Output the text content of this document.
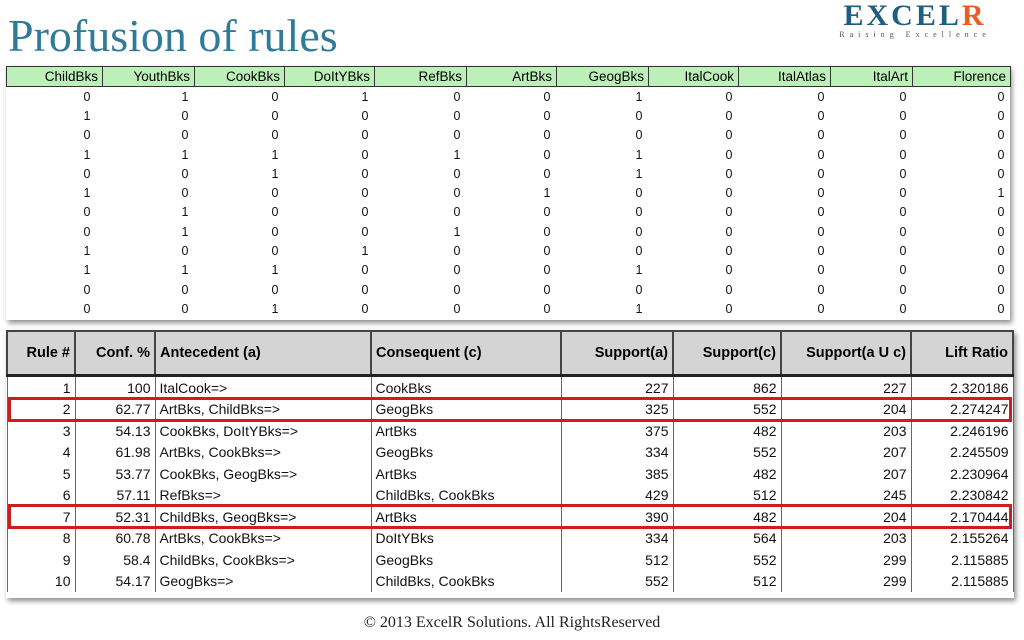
Profusion of rules	EXCELR
Raising Excellence
ChildBks	YouthBks	CookBks	DoItYBks	RefBks	ArtBks	GeogBks	ItalCook	ItalAtlas	ItalArt	Florence
0	1	0	1	0	0	1	0	0	0	0
1	0	0	0	0	0	0	0	0	0	0
0	0	0	0	0	0	0	0	0	0	0
1	1	1	0	1	0	1	0	0	0	0
0	0	1	0	0	0	1	0	0	0	0
1	0	0	0	0	1	0	0	0	0	1
0	1	0	0	0	0	0	0	0	0	0
0	1	0	0	1	0	0	0	0	0	0
1	0	0	1	0	0	0	0	0	0	0
1	1	1	0	0	0	1	0	0	0	0
0	0	0	0	0	0	0	0	0	0	0
0	0	1	0	0	0	1	0	0	0	0
Rule #	Conf. %	Antecedent (a)	Consequent (c)	Support(a)	Support(c)	Support(a U c)	Lift Ratio
1	100	ItalCook=>	CookBks	227	862	227	2.320186
2	62.77	ArtBks, ChildBks=>	GeogBks	325	552	204	2.274247
3	54.13	CookBks, DoItYBks=>	ArtBks	375	482	203	2.246196
4	61.98	ArtBks, CookBks=>	GeogBks	334	552	207	2.245509
5	53.77	CookBks, GeogBks=>	ArtBks	385	482	207	2.230964
6	57.11	RefBks=>	ChildBks, CookBks	429	512	245	2.230842
7	52.31	ChildBks, GeogBks=>	ArtBks	390	482	204	2.170444
8	60.78	ArtBks, CookBks=>	DoItYBks	334	564	203	2.155264
9	58.4	ChildBks, CookBks=>	GeogBks	512	552	299	2.115885
10	54.17	GeogBks=>	ChildBks, CookBks	552	512	299	2.115885
© 2013 ExcelR Solutions. All RightsReserved
